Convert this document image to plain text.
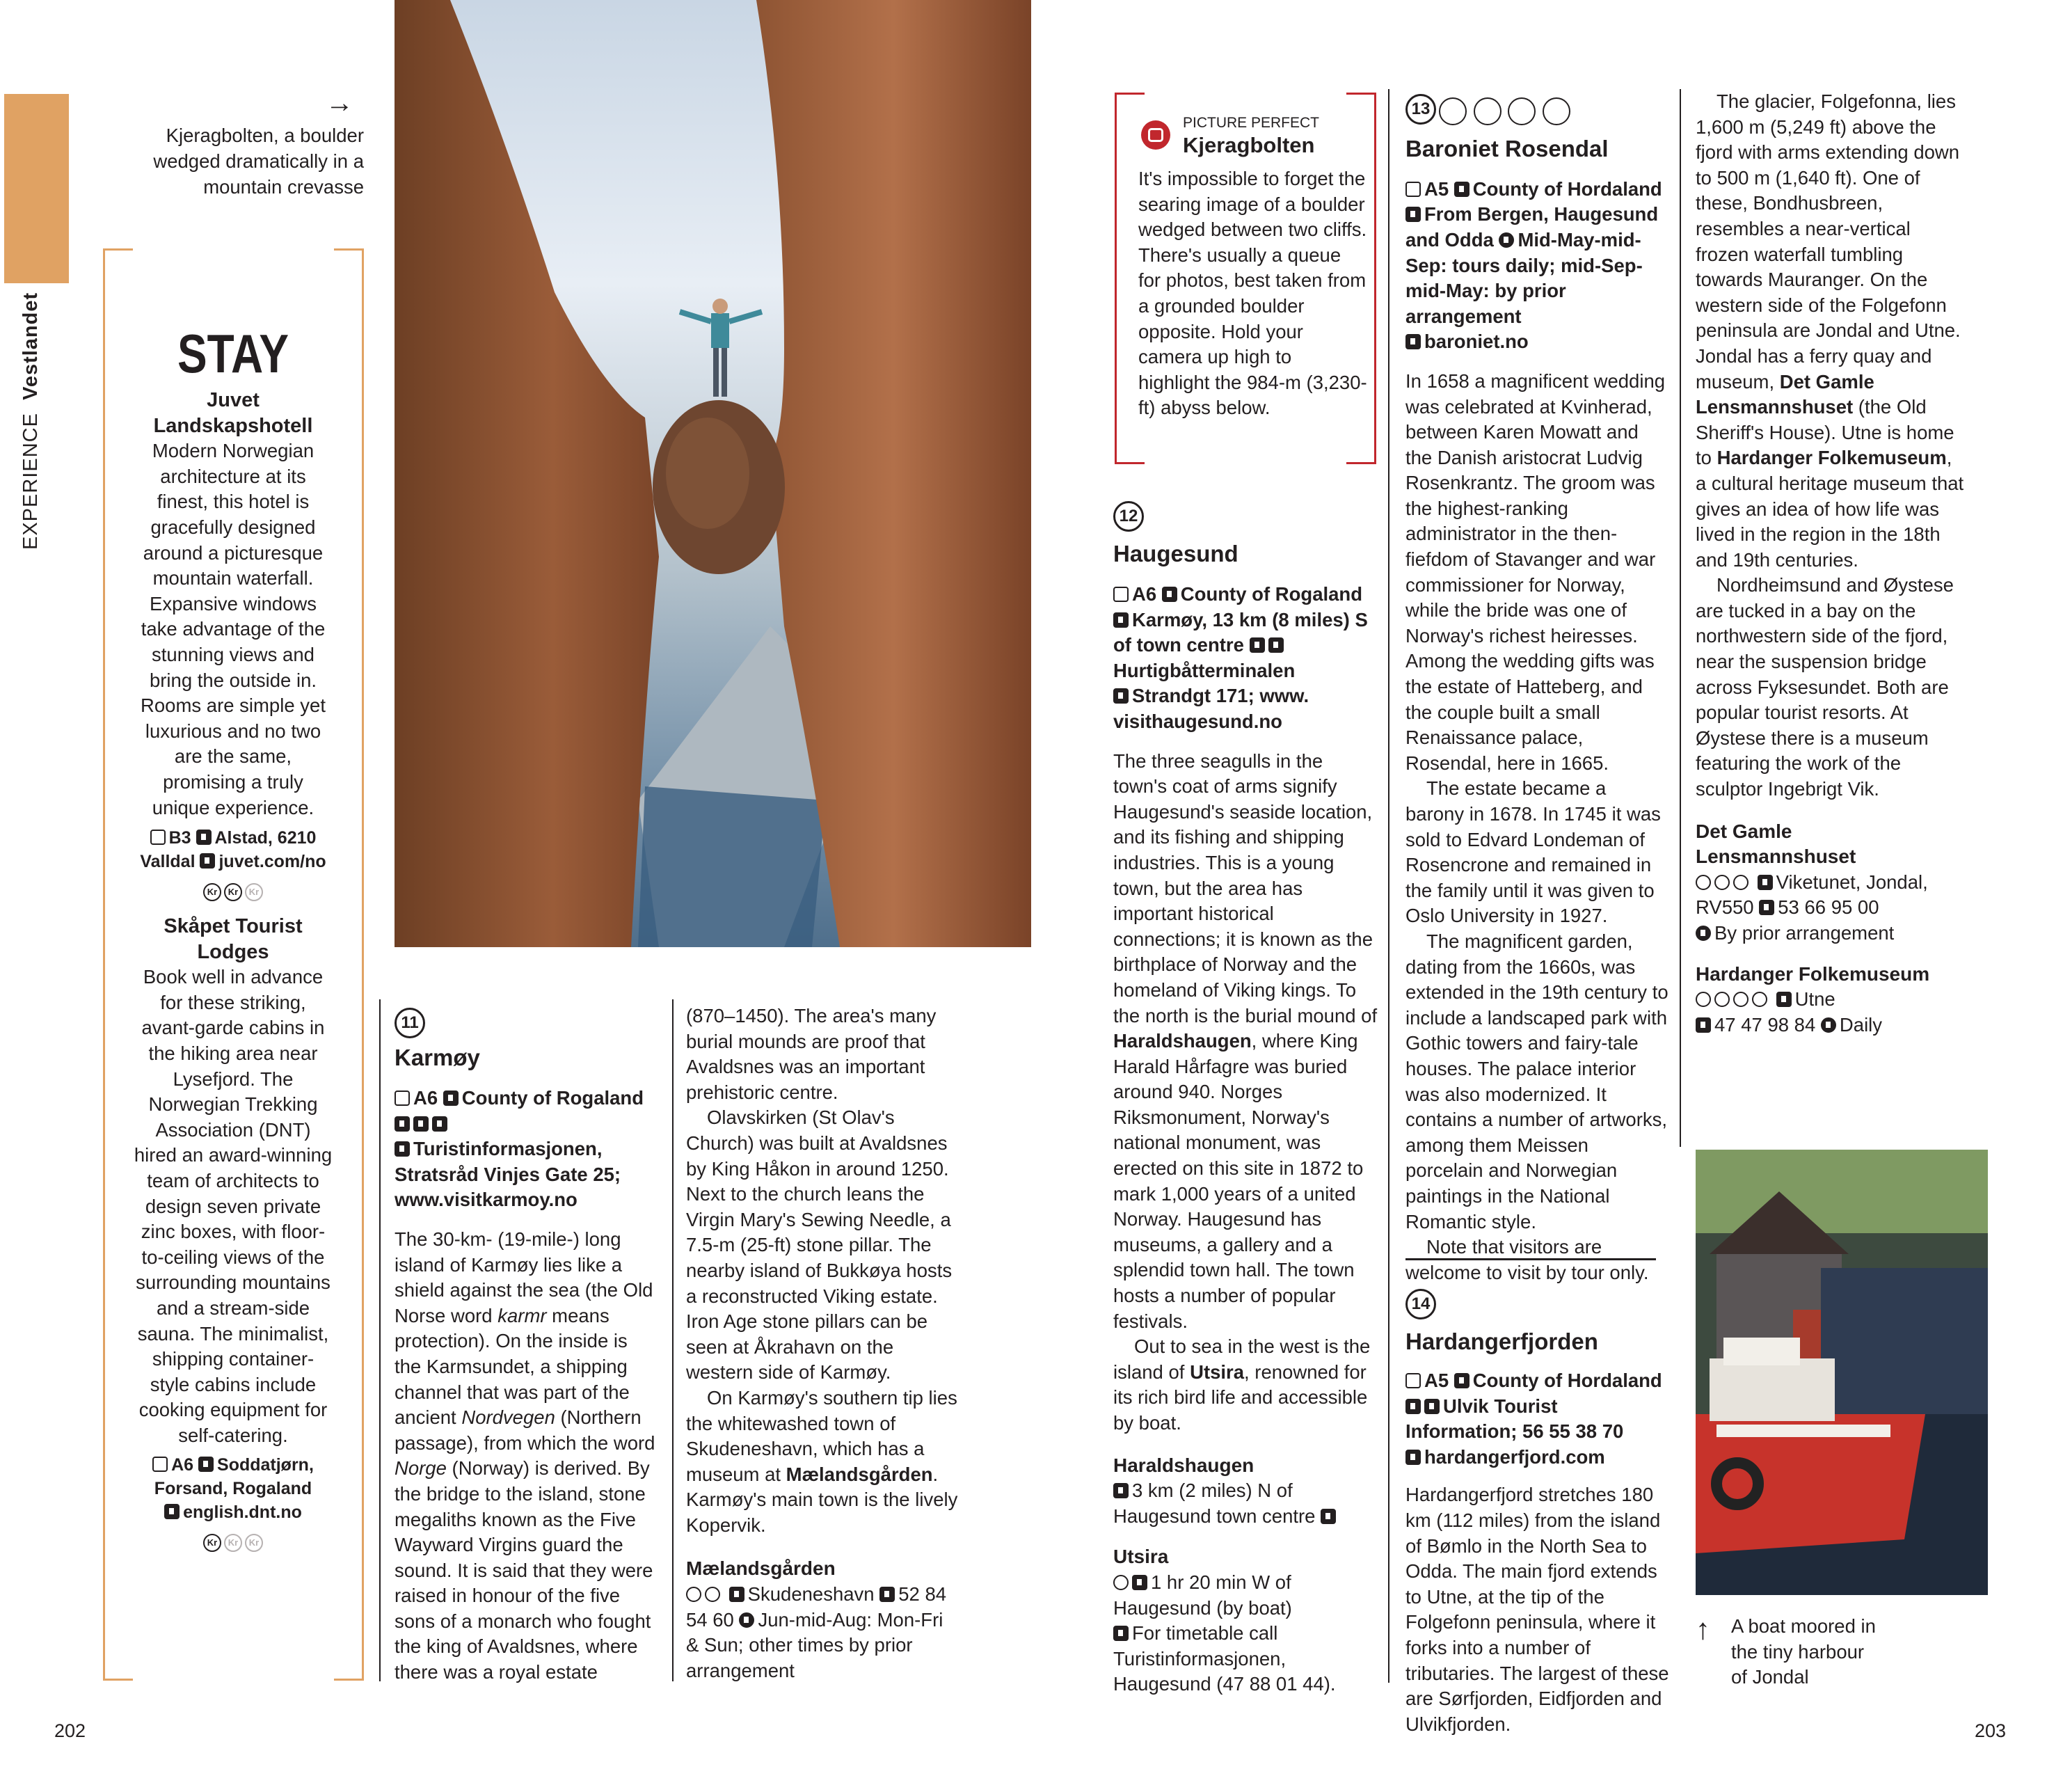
EXPERIENCE  Vestlandet
→
Kjeragbolten, a boulder wedged dramatically in a mountain crevasse
STAY
Juvet Landskapshotell
Modern Norwegian architecture at its finest, this hotel is gracefully designed around a picturesque mountain waterfall. Expansive windows take advantage of the stunning views and bring the outside in. Rooms are simple yet luxurious and no two are the same, promising a truly unique experience.
B3 Alstad, 6210 Valldal juvet.com/no
Kr Kr Kr
Skåpet Tourist Lodges
Book well in advance for these striking, avant-garde cabins in the hiking area near Lysefjord. The Norwegian Trekking Association (DNT) hired an award-winning team of architects to design seven private zinc boxes, with floor-to-ceiling views of the surrounding mountains and a stream-side sauna. The minimalist, shipping container-style cabins include cooking equipment for self-catering.
A6 Soddatjørn, Forsand, Rogaland
english.dnt.no
Kr Kr Kr
11
Karmøy
A6 County of Rogaland
Turistinformasjonen, Stratsråd Vinjes Gate 25; www.visitkarmoy.no

The 30-km- (19-mile-) long island of Karmøy lies like a shield against the sea (the Old Norse word karmr means protection). On the inside is the Karmsundet, a shipping channel that was part of the ancient Nordvegen (Northern passage), from which the word Norge (Norway) is derived. By the bridge to the island, stone megaliths known as the Five Wayward Virgins guard the sound. It is said that they were raised in honour of the five sons of a monarch who fought the king of Avaldsnes, where there was a royal estate

(870–1450). The area's many burial mounds are proof that Avaldsnes was an important prehistoric centre.

Olavskirken (St Olav's Church) was built at Avaldsnes by King Håkon in around 1250. Next to the church leans the Virgin Mary's Sewing Needle, a 7.5-m (25-ft) stone pillar. The nearby island of Bukkøya hosts a reconstructed Viking estate. Iron Age stone pillars can be seen at Åkrahavn on the western side of Karmøy.

On Karmøy's southern tip lies the whitewashed town of Skudeneshavn, which has a museum at Mælandsgården. Karmøy's main town is the lively Kopervik.

Mælandsgården

Skudeneshavn 52 84 54 60 Jun-mid-Aug: Mon-Fri & Sun; other times by prior arrangement

PICTURE PERFECT
Kjeragbolten

It's impossible to forget the searing image of a boulder wedged between two cliffs. There's usually a queue for photos, best taken from a grounded boulder opposite. Hold your camera up high to highlight the 984-m (3,230-ft) abyss below.

12
Haugesund
A6 County of Rogaland Karmøy, 13 km (8 miles) S of town centre Hurtigbåtterminalen
Strandgt 171; www. visithaugesund.no

The three seagulls in the town's coat of arms signify Haugesund's seaside location, and its fishing and shipping industries. This is a young town, but the area has important historical connections; it is known as the birthplace of Norway and the homeland of Viking kings. To the north is the burial mound of Haraldshaugen, where King Harald Hårfagre was buried around 940. Norges Riksmonument, Norway's national monument, was erected on this site in 1872 to mark 1,000 years of a united Norway. Haugesund has museums, a gallery and a splendid town hall. The town hosts a number of popular festivals.

Out to sea in the west is the island of Utsira, renowned for its rich bird life and accessible by boat.

Haraldshaugen

3 km (2 miles) N of Haugesund town centre

Utsira

1 hr 20 min W of Haugesund (by boat)
For timetable call Turistinformasjonen, Haugesund (47 88 01 44).

13
Baroniet Rosendal
A5 County of Hordaland From Bergen, Haugesund and Odda Mid-May-mid-Sep: tours daily; mid-Sep-mid-May: by prior arrangement
baroniet.no

In 1658 a magnificent wedding was celebrated at Kvinherad, between Karen Mowatt and the Danish aristocrat Ludvig Rosenkrantz. The groom was the highest-ranking administrator in the then-fiefdom of Stavanger and war commissioner for Norway, while the bride was one of Norway's richest heiresses. Among the wedding gifts was the estate of Hatteberg, and the couple built a small Renaissance palace, Rosendal, here in 1665.

The estate became a barony in 1678. In 1745 it was sold to Edvard Londeman of Rosencrone and remained in the family until it was given to Oslo University in 1927.

The magnificent garden, dating from the 1660s, was extended in the 19th century to include a landscaped park with Gothic towers and fairy-tale houses. The palace interior was also modernized. It contains a number of artworks, among them Meissen porcelain and Norwegian paintings in the National Romantic style.

Note that visitors are welcome to visit by tour only.

14
Hardangerfjorden
A5 County of Hordaland Ulvik Tourist Information; 56 55 38 70
hardangerfjord.com

Hardangerfjord stretches 180 km (112 miles) from the island of Bømlo in the North Sea to Odda. The main fjord extends to Utne, at the tip of the Folgefonn peninsula, where it forks into a number of tributaries. The largest of these are Sørfjorden, Eidfjorden and Ulvikfjorden.

The glacier, Folgefonna, lies 1,600 m (5,249 ft) above the fjord with arms extending down to 500 m (1,640 ft). One of these, Bondhusbreen, resembles a near-vertical frozen waterfall tumbling towards Mauranger. On the western side of the Folgefonn peninsula are Jondal and Utne. Jondal has a ferry quay and museum, Det Gamle Lensmannshuset (the Old Sheriff's House). Utne is home to Hardanger Folkemuseum, a cultural heritage museum that gives an idea of how life was lived in the region in the 18th and 19th centuries.

Nordheimsund and Øystese are tucked in a bay on the northwestern side of the fjord, near the suspension bridge across Fyksesundet. Both are popular tourist resorts. At Øystese there is a museum featuring the work of the sculptor Ingebrigt Vik.

Det Gamle Lensmannshuset

Viketunet, Jondal, RV550 53 66 95 00
By prior arrangement

Hardanger Folkemuseum

Utne
47 47 98 84 Daily

↑ A boat moored in the tiny harbour of Jondal
202	203
